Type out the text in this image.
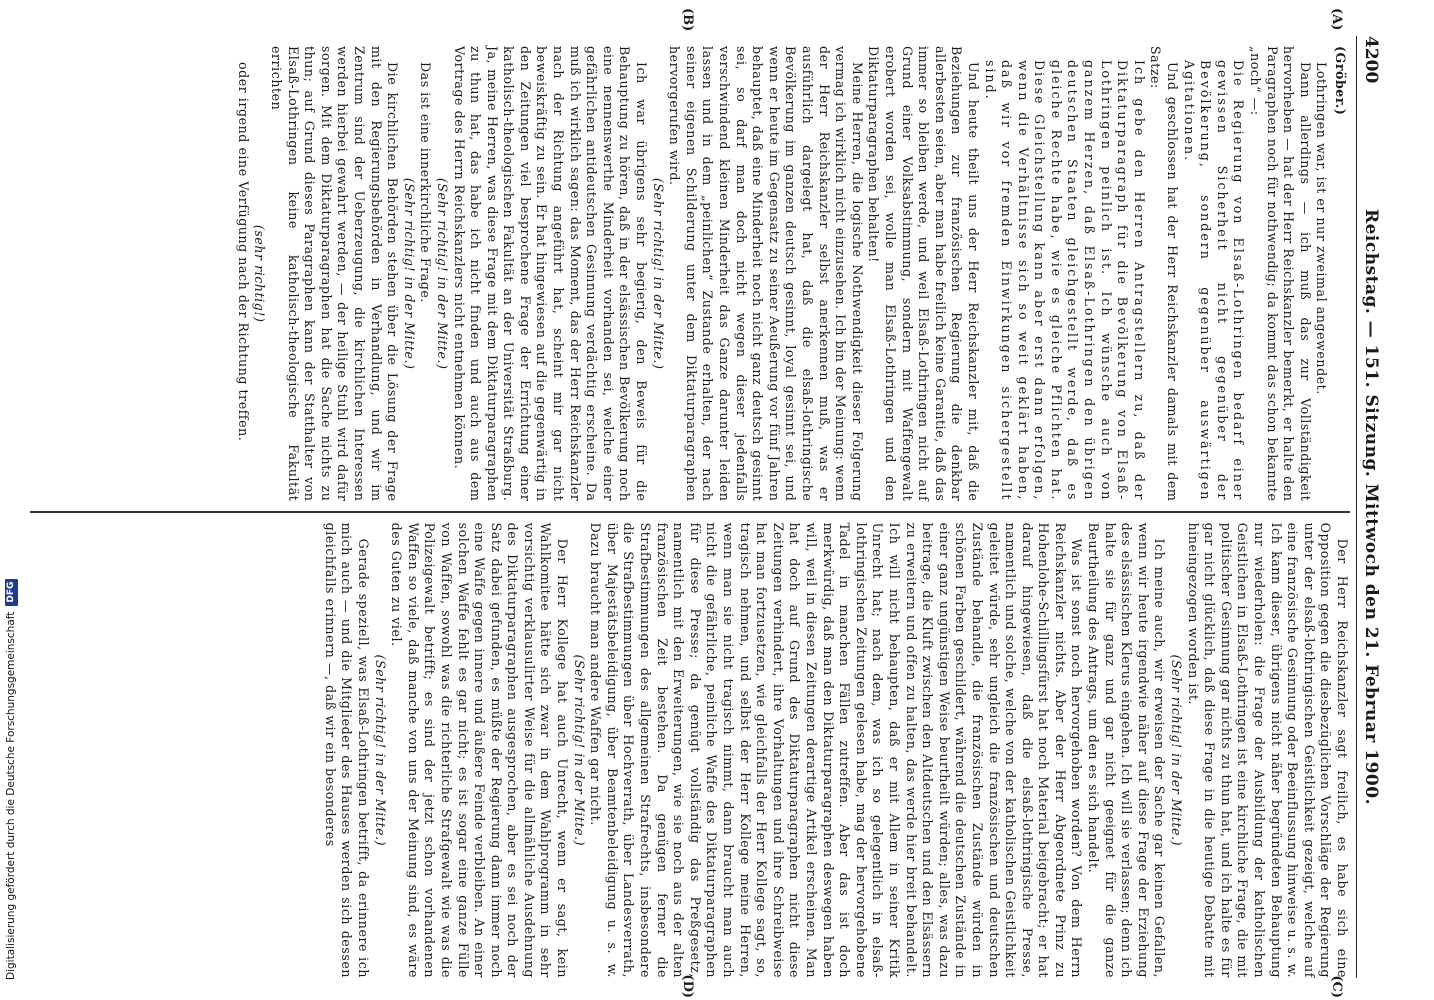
4200
Reichstag. — 151. Sitzung. Mittwoch den 21. Februar 1900.
(A)
(B)
(C)
(D)
(Gröber.)

Lothringen war, ist er nur zweimal angewendet.

Dann allerdings — ich muß das zur Vollständigkeit hervorheben — hat der Herr Reichskanzler bemerkt, er halte den Paragraphen noch für nothwendig; da kommt das schon bekannte „noch“ —:

Die Regierung von Elsaß-Lothringen bedarf einer gewissen Sicherheit nicht gegenüber der Bevölkerung, sondern gegenüber auswärtigen Agitationen.

Und geschlossen hat der Herr Reichskanzler damals mit dem Satze:

Ich gebe den Herren Antragstellern zu, daß der Diktaturparagraph für die Bevölkerung von Elsaß-Lothringen peinlich ist. Ich wünsche auch von ganzem Herzen, daß Elsaß-Lothringen den übrigen deutschen Staaten gleichgestellt werde, daß es gleiche Rechte habe, wie es gleiche Pflichten hat. Diese Gleichstellung kann aber erst dann erfolgen, wenn die Verhältnisse sich so weit geklärt haben, daß wir vor fremden Einwirkungen sichergestellt sind.

Und heute theilt uns der Herr Reichskanzler mit, daß die Beziehungen zur französischen Regierung die denkbar allerbesten seien, aber man habe freilich keine Garantie, daß das immer so bleiben werde, und weil Elsaß-Lothringen nicht auf Grund einer Volksabstimmung, sondern mit Waffengewalt erobert worden sei, wolle man Elsaß-Lothringen und den Diktaturparagraphen behalten!

Meine Herren, die logische Nothwendigkeit dieser Folgerung vermag ich wirklich nicht einzusehen. Ich bin der Meinung: wenn der Herr Reichskanzler selbst anerkennen muß, was er ausführlich dargelegt hat, daß die elsaß-lothringische Bevölkerung im ganzen deutsch gesinnt, loyal gesinnt sei, und wenn er heute im Gegensatz zu seiner Aeußerung vor fünf Jahren behauptet, daß eine Minderheit noch nicht ganz deutsch gesinnt sei, so darf man doch nicht wegen dieser jedenfalls verschwindend kleinen Minderheit das Ganze darunter leiden lassen und in dem „peinlichen“ Zustande erhalten, der nach seiner eigenen Schilderung unter dem Diktaturparagraphen hervorgerufen wird.

(Sehr richtig! in der Mitte.)

Ich war übrigens sehr begierig, den Beweis für die Behauptung zu hören, daß in der elsässischen Bevölkerung noch eine nennenswerthe Minderheit vorhanden sei, welche einer gefährlichen antideutschen Gesinnung verdächtig erscheine. Da muß ich wirklich sagen: das Moment, das der Herr Reichskanzler nach der Richtung angeführt hat, scheint mir gar nicht beweiskräftig zu sein. Er hat hingewiesen auf die gegenwärtig in den Zeitungen viel besprochene Frage der Errichtung einer katholisch-theologischen Fakultät an der Universität Straßburg. Ja, meine Herren, was diese Frage mit dem Diktaturparagraphen zu thun hat, das habe ich nicht finden und auch aus dem Vortrage des Herrn Reichskanzlers nicht entnehmen können.

(Sehr richtig! in der Mitte.)

Das ist eine innerkirchliche Frage.

(Sehr richtig! in der Mitte.)

Die kirchlichen Behörden stehen über die Lösung der Frage mit den Regierungsbehörden in Verhandlung, und wir im Zentrum sind der Ueberzeugung, die kirchlichen Interessen werden hierbei gewahrt werden, — der heilige Stuhl wird dafür sorgen. Mit dem Diktaturparagraphen hat die Sache nichts zu thun; auf Grund dieses Paragraphen kann der Statthalter von Elsaß-Lothringen keine katholisch-theologische Fakultät errichten

(sehr richtig!)

oder irgend eine Verfügung nach der Richtung treffen.

Der Herr Reichskanzler sagt freilich, es habe sich eine Opposition gegen die diesbezüglichen Vorschläge der Regierung unter der elsaß-lothringischen Geistlichkeit gezeigt, welche auf eine französische Gesinnung oder Beeinflussung hinweise u. s. w. Ich kann dieser, übrigens nicht näher begründeten Behauptung nur wiederholen: die Frage der Ausbildung der katholischen Geistlichen in Elsaß-Lothringen ist eine kirchliche Frage, die mit politischer Gesinnung gar nichts zu thun hat, und ich halte es für gar nicht glücklich, daß diese Frage in die heutige Debatte mit hineingezogen worden ist.

(Sehr richtig! in der Mitte.)

Ich meine auch, wir erweisen der Sache gar keinen Gefallen, wenn wir heute irgendwie näher auf diese Frage der Erziehung des elsässischen Klerus eingehen. Ich will sie verlassen; denn ich halte sie für ganz und gar nicht geeignet für die ganze Beurtheilung des Antrags, um den es sich handelt.

Was ist sonst noch hervorgehoben worden? Von dem Herrn Reichskanzler nichts. Aber der Herr Abgeordnete Prinz zu Hohenlohe-Schillingsfürst hat noch Material beigebracht; er hat darauf hingewiesen, daß die elsaß-lothringische Presse, namentlich und solche, welche von der katholischen Geistlichkeit geleitet würde, sehr ungleich die französischen und deutschen Zustände behandle, die französischen Zustände würden in schönen Farben geschildert, während die deutschen Zustände in einer ganz ungünstigen Weise beurtheilt würden; alles, was dazu beitrage, die Kluft zwischen den Altdeutschen und den Elsässern zu erweitern und offen zu halten, das werde hier breit behandelt. Ich will nicht behaupten, daß er mit Allem in seiner Kritik Unrecht hat; nach dem, was ich so gelegentlich in elsaß-lothringischen Zeitungen gelesen habe, mag der hervorgehobene Tadel in manchen Fällen zutreffen. Aber das ist doch merkwürdig, daß man den Diktaturparagraphen deswegen haben will, weil in diesen Zeitungen derartige Artikel erscheinen. Man hat doch auf Grund des Diktaturparagraphen nicht diese Zeitungen verhindert, ihre Vorhaltungen und ihre Schreibweise hat man fortzusetzen, wie gleichfalls der Herr Kollege sagt, so, tragisch nehmen, und selbst der Herr Kollege meine Herren, wenn man sie nicht tragisch nimmt, dann braucht man auch nicht die gefährliche, peinliche Waffe des Diktaturparagraphen für diese Presse; da genügt vollständig das Preßgesetz, namentlich mit den Erweiterungen, wie sie noch aus der alten französischen Zeit bestehen. Da genügen ferner die Strafbestimmungen des allgemeinen Strafrechts, insbesondere die Strafbestimmungen über Hochverrath, über Landesverrath, über Majestätsbeleidigung, über Beamtenbeleidigung u. s. w. Dazu braucht man andere Waffen gar nicht.

(Sehr richtig! in der Mitte.)

Der Herr Kollege hat auch Unrecht, wenn er sagt, kein Wahlkomitee hätte sich zwar in dem Wahlprogramm in sehr vorsichtig verklausulirter Weise für die allmähliche Ausdehnung des Diktaturparagraphen ausgesprochen, aber es sei noch der Satz dabei gefunden, es müßte der Regierung dann immer noch eine Waffe gegen innere und äußere Feinde verbleiben. An einer solchen Waffe fehlt es gar nicht; es ist sogar eine ganze Fülle von Waffen, sowohl was die richterliche Strafgewalt wie was die Polizeigewalt betrifft; es sind der jetzt schon vorhandenen Waffen so viele, daß manche von uns der Meinung sind, es wäre des Guten zu viel.

(Sehr richtig! in der Mitte.)

Gerade speziell, was Elsaß-Lothringen betrifft, da erinnere ich mich auch — und die Mitglieder des Hauses werden sich dessen gleichfalls erinnern —, daß wir ein besonderes

Digitalisierung gefördert durch die Deutsche Forschungsgemeinschaft
DFG
